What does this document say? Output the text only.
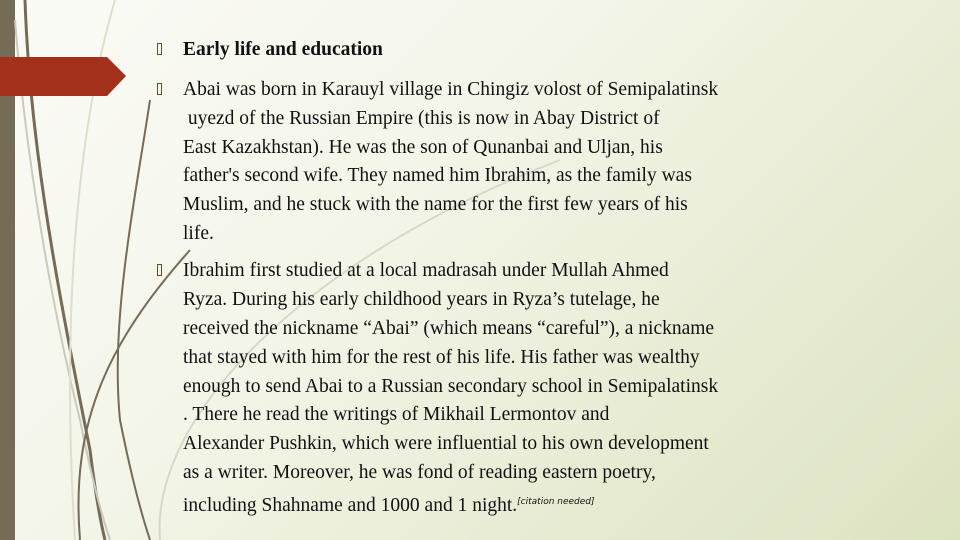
Early life and education
Abai was born in Karauyl village in Chingiz volost of Semipalatinsk
uyezd of the Russian Empire (this is now in Abay District of
East Kazakhstan). He was the son of Qunanbai and Uljan, his
father's second wife. They named him Ibrahim, as the family was
Muslim, and he stuck with the name for the first few years of his
life.
Ibrahim first studied at a local madrasah under Mullah Ahmed
Ryza. During his early childhood years in Ryza’s tutelage, he
received the nickname “Abai” (which means “careful”), a nickname
that stayed with him for the rest of his life. His father was wealthy
enough to send Abai to a Russian secondary school in Semipalatinsk
. There he read the writings of Mikhail Lermontov and
Alexander Pushkin, which were influential to his own development
as a writer. Moreover, he was fond of reading eastern poetry,
including Shahname and 1000 and 1 night.[citation needed]
